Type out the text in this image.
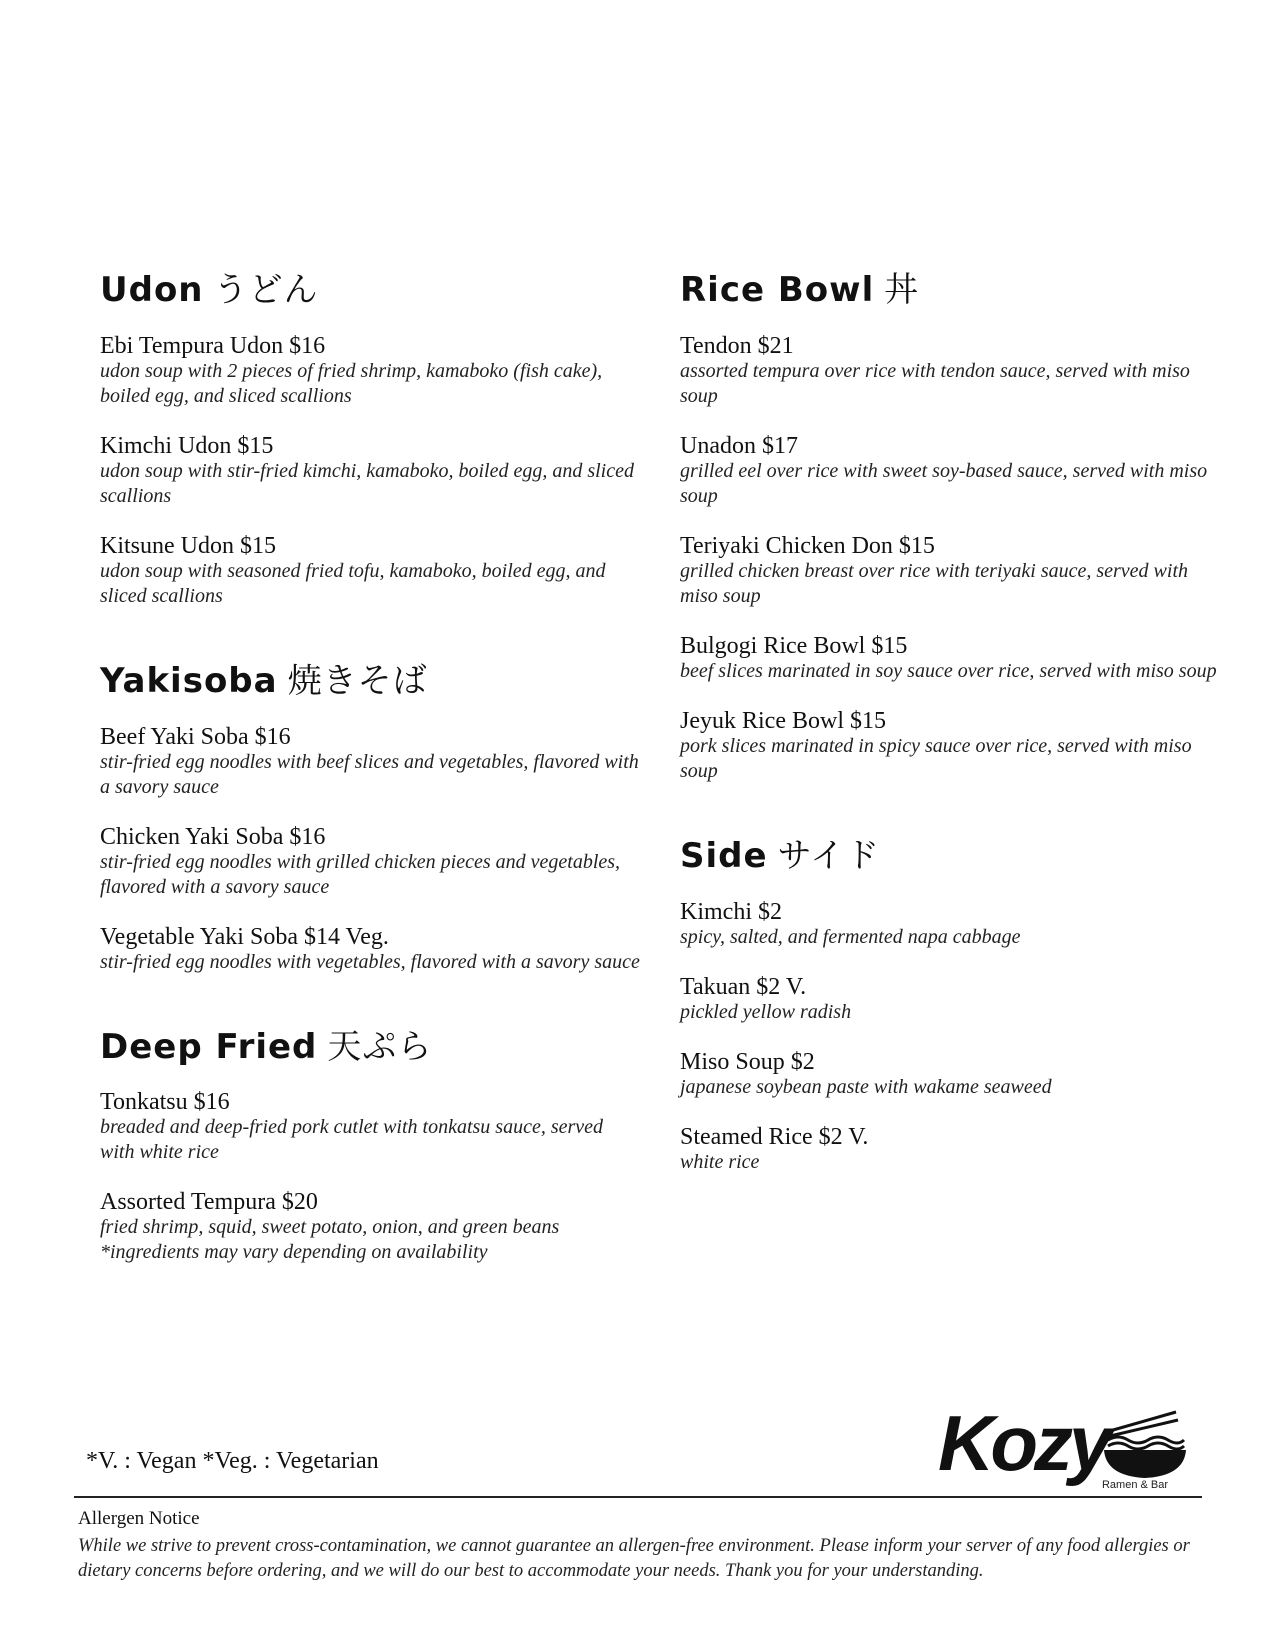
Udon うどん
Ebi Tempura Udon $16
udon soup with 2 pieces of fried shrimp, kamaboko (fish cake), boiled egg, and sliced scallions
Kimchi Udon $15
udon soup with stir-fried kimchi, kamaboko, boiled egg, and sliced scallions
Kitsune Udon $15
udon soup with seasoned fried tofu, kamaboko, boiled egg, and sliced scallions
Yakisoba 焼きそば
Beef Yaki Soba $16
stir-fried egg noodles with beef slices and vegetables, flavored with a savory sauce
Chicken Yaki Soba $16
stir-fried egg noodles with grilled chicken pieces and vegetables, flavored with a savory sauce
Vegetable Yaki Soba $14 Veg.
stir-fried egg noodles with vegetables, flavored with a savory sauce
Deep Fried 天ぷら
Tonkatsu $16
breaded and deep-fried pork cutlet with tonkatsu sauce, served with white rice
Assorted Tempura $20
fried shrimp, squid, sweet potato, onion, and green beans
*ingredients may vary depending on availability
Rice Bowl 丼
Tendon $21
assorted tempura over rice with tendon sauce, served with miso soup
Unadon $17
grilled eel over rice with sweet soy-based sauce, served with miso soup
Teriyaki Chicken Don $15
grilled chicken breast over rice with teriyaki sauce, served with miso soup
Bulgogi Rice Bowl $15
beef slices marinated in soy sauce over rice, served with miso soup
Jeyuk Rice Bowl $15
pork slices marinated in spicy sauce over rice, served with miso soup
Side サイド
Kimchi $2
spicy, salted, and fermented napa cabbage
Takuan $2 V.
pickled yellow radish
Miso Soup $2
japanese soybean paste with wakame seaweed
Steamed Rice $2 V.
white rice
*V. : Vegan *Veg. : Vegetarian	Kozy
Ramen & Bar
Allergen Notice
While we strive to prevent cross-contamination, we cannot guarantee an allergen-free environment. Please inform your server of any food allergies or dietary concerns before ordering, and we will do our best to accommodate your needs. Thank you for your understanding.
